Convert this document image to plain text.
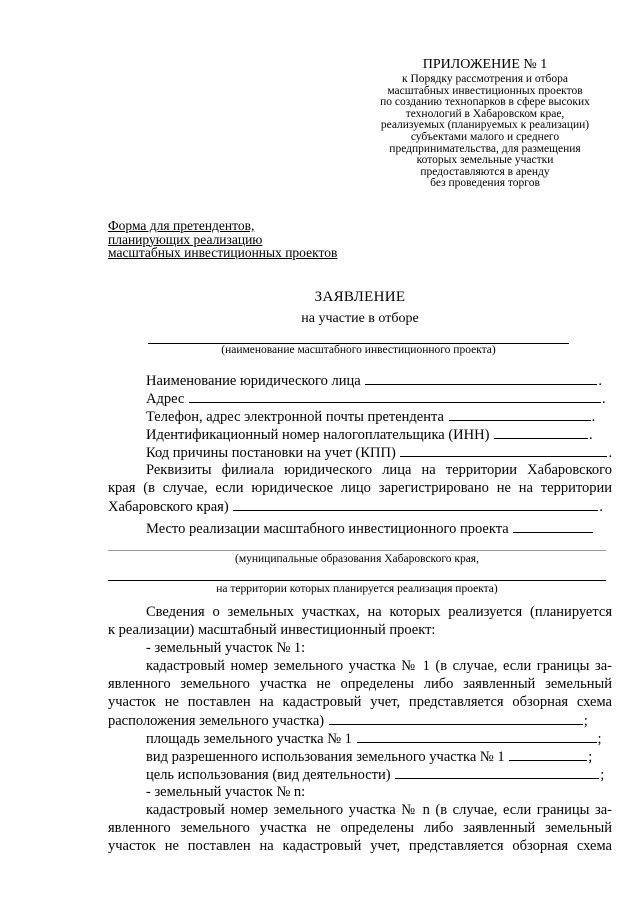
ПРИЛОЖЕНИЕ № 1
к Порядку рассмотрения и отбора
масштабных инвестиционных проектов
по созданию технопарков в сфере высоких
технологий в Хабаровском крае,
реализуемых (планируемых к реализации)
субъектами малого и среднего
предпринимательства, для размещения
которых земельные участки
предоставляются в аренду
без проведения торгов
Форма для претендентов,
планирующих реализацию
масштабных инвестиционных проектов
ЗАЯВЛЕНИЕ
на участие в отборе
(наименование масштабного инвестиционного проекта)
Наименование юридического лица	.
Адрес	.
Телефон, адрес электронной почты претендента	.
Идентификационный номер налогоплательщика (ИНН)	.
Код причины постановки на учет (КПП)	.
Реквизиты филиала юридического лица на территории Хабаровского
края (в случае, если юридическое лицо зарегистрировано не на территории
Хабаровского края)	.
Место реализации масштабного инвестиционного проекта
(муниципальные образования Хабаровского края,
на территории которых планируется реализация проекта)
Сведения о земельных участках, на которых реализуется (планируется
к реализации) масштабный инвестиционный проект:
- земельный участок № 1:
кадастровый номер земельного участка № 1 (в случае, если границы за-
явленного земельного участка не определены либо заявленный земельный
участок не поставлен на кадастровый учет, представляется обзорная схема
расположения земельного участка)	;
площадь земельного участка № 1	;
вид разрешенного использования земельного участка № 1	;
цель использования (вид деятельности)	;
- земельный участок № n:
кадастровый номер земельного участка № n (в случае, если границы за-
явленного земельного участка не определены либо заявленный земельный
участок не поставлен на кадастровый учет, представляется обзорная схема
